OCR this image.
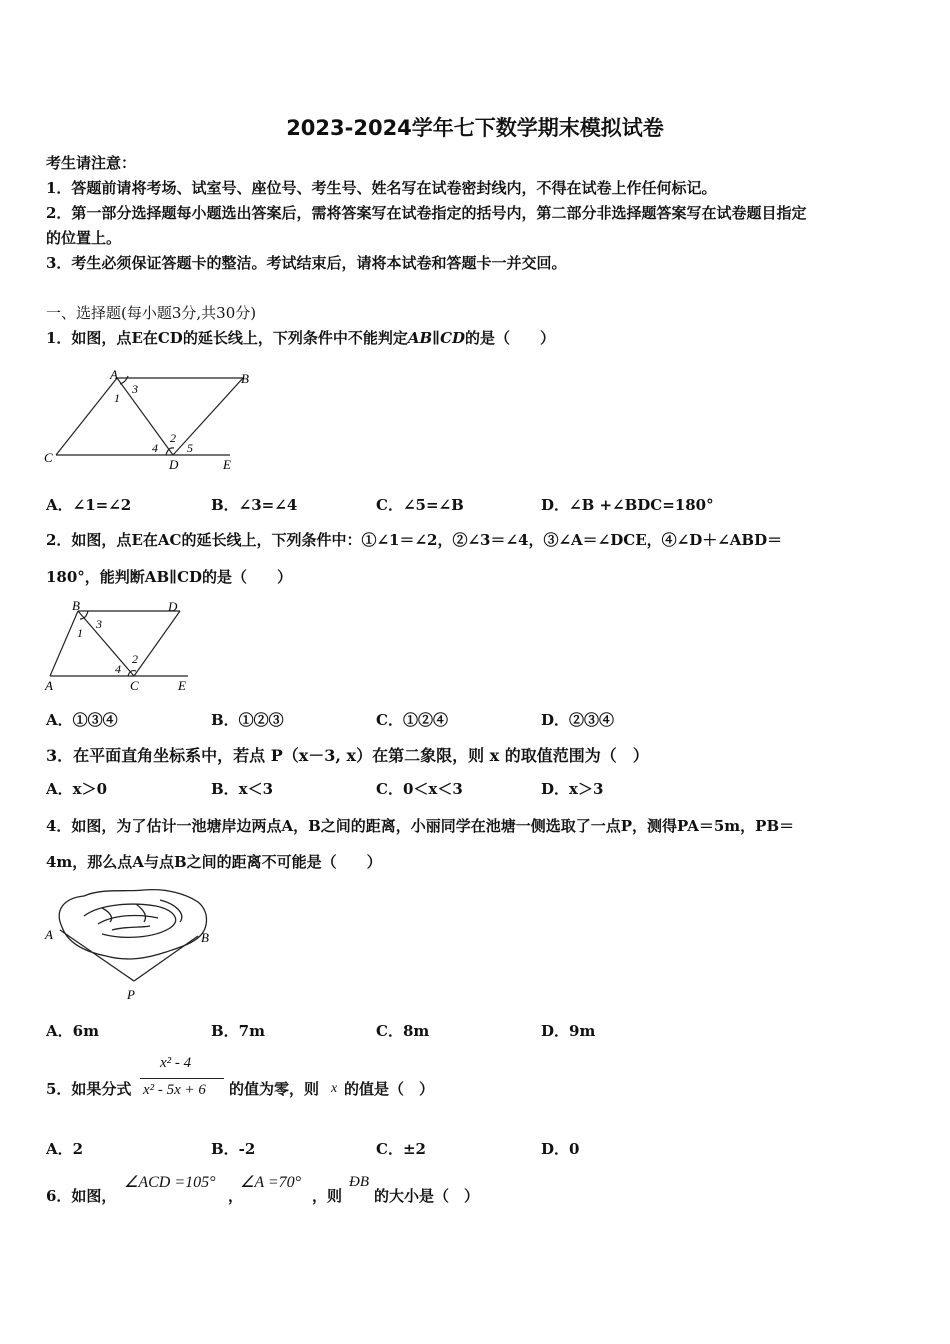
2023-2024学年七下数学期末模拟试卷
考生请注意：
1．答题前请将考场、试室号、座位号、考生号、姓名写在试卷密封线内，不得在试卷上作任何标记。
2．第一部分选择题每小题选出答案后，需将答案写在试卷指定的括号内，第二部分非选择题答案写在试卷题目指定
的位置上。
3．考生必须保证答题卡的整洁。考试结束后，请将本试卷和答题卡一并交回。
一、选择题(每小题3分,共30分)
1．如图，点E在CD的延长线上，下列条件中不能判定AB∥CD的是（　　）
A	B
C	D	E
1
2
3
4 5
A．∠1=∠2	B．∠3=∠4	C．∠5=∠B	D．∠B +∠BDC=180°
2．如图，点E在AC的延长线上，下列条件中：①∠1＝∠2，②∠3＝∠4，③∠A＝∠DCE，④∠D＋∠ABD＝
180°，能判断AB∥CD的是（　　）
B	D
A	C	E
1
2
3
4
A．①③④	B．①②③	C．①②④	D．②③④
3．在平面直角坐标系中，若点 P（x－3, x）在第二象限，则 x 的取值范围为（　）
A．x＞0	B．x＜3	C．0＜x＜3	D．x＞3
4．如图，为了估计一池塘岸边两点A，B之间的距离，小丽同学在池塘一侧选取了一点P，测得PA＝5m，PB＝
4m，那么点A与点B之间的距离不可能是（　　）
A	B
P
A．6m	B．7m	C．8m	D．9m
5．如果分式
x² - 4
x² - 5x + 6 的值为零，则 x 的值是（　）
A．2	B．-2	C．±2	D．0
6．如图，
∠ACD =105°
，
∠A =70°
，则
ÐB
的大小是（　）
